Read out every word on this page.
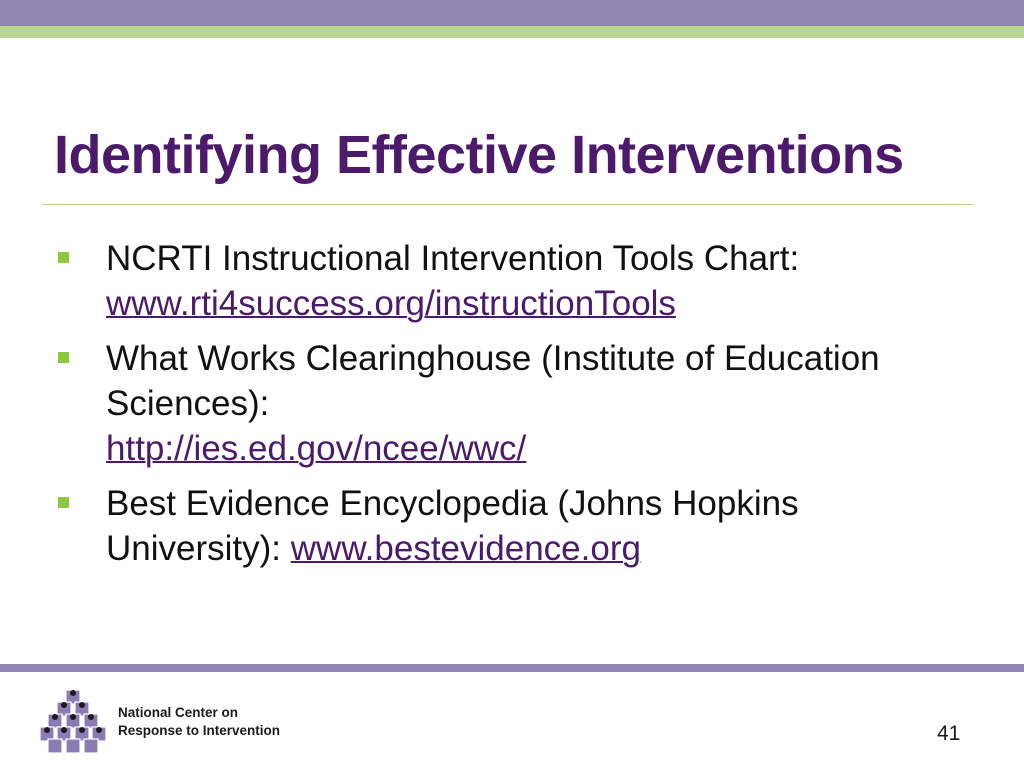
Identifying Effective Interventions
NCRTI Instructional Intervention Tools Chart:
www.rti4success.org/instructionTools
What Works Clearinghouse (Institute of Education Sciences):
http://ies.ed.gov/ncee/wwc/
Best Evidence Encyclopedia (Johns Hopkins University): www.bestevidence.org
National Center on
Response to Intervention	41
